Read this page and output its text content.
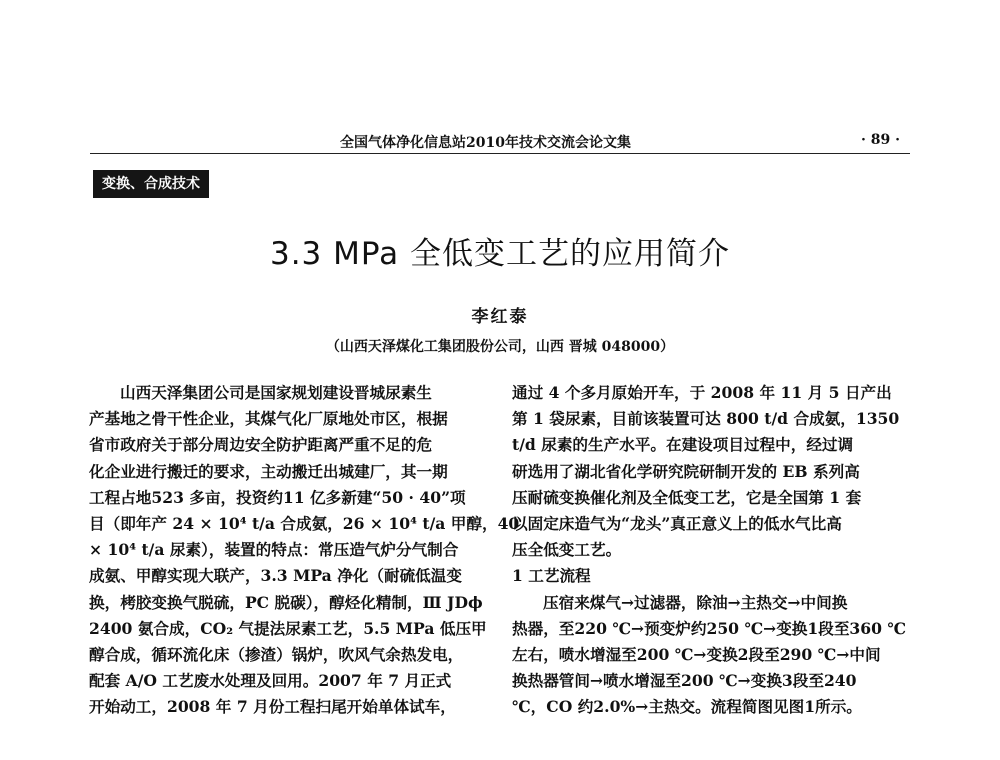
全国气体净化信息站2010年技术交流会论文集	· 89 ·
变换、合成技术
3.3 MPa 全低变工艺的应用简介
李红泰
（山西天泽煤化工集团股份公司，山西 晋城 048000）
山西天泽集团公司是国家规划建设晋城尿素生
产基地之骨干性企业，其煤气化厂原地处市区，根据
省市政府关于部分周边安全防护距离严重不足的危
化企业进行搬迁的要求，主动搬迁出城建厂，其一期
工程占地523 多亩，投资约11 亿多新建“50 · 40”项
目（即年产 24 × 10⁴ t/a 合成氨，26 × 10⁴ t/a 甲醇，40
× 10⁴ t/a 尿素），装置的特点：常压造气炉分气制合
成氨、甲醇实现大联产，3.3 MPa 净化（耐硫低温变
换，栲胶变换气脱硫，PC 脱碳），醇烃化精制，Ⅲ JDϕ
2400 氨合成，CO₂ 气提法尿素工艺，5.5 MPa 低压甲
醇合成，循环流化床（掺渣）锅炉，吹风气余热发电，
配套 A/O 工艺废水处理及回用。2007 年 7 月正式
开始动工，2008 年 7 月份工程扫尾开始单体试车，
通过 4 个多月原始开车，于 2008 年 11 月 5 日产出
第 1 袋尿素，目前该装置可达 800 t/d 合成氨，1350
t/d 尿素的生产水平。在建设项目过程中，经过调
研选用了湖北省化学研究院研制开发的 EB 系列高
压耐硫变换催化剂及全低变工艺，它是全国第 1 套
以固定床造气为“龙头”真正意义上的低水气比高
压全低变工艺。
1 工艺流程
压宿来煤气→过滤器，除油→主热交→中间换
热器，至220 ℃→预变炉约250 ℃→变换1段至360 ℃
左右，喷水增湿至200 ℃→变换2段至290 ℃→中间
换热器管间→喷水增湿至200 ℃→变换3段至240
℃，CO 约2.0%→主热交。流程简图见图1所示。
